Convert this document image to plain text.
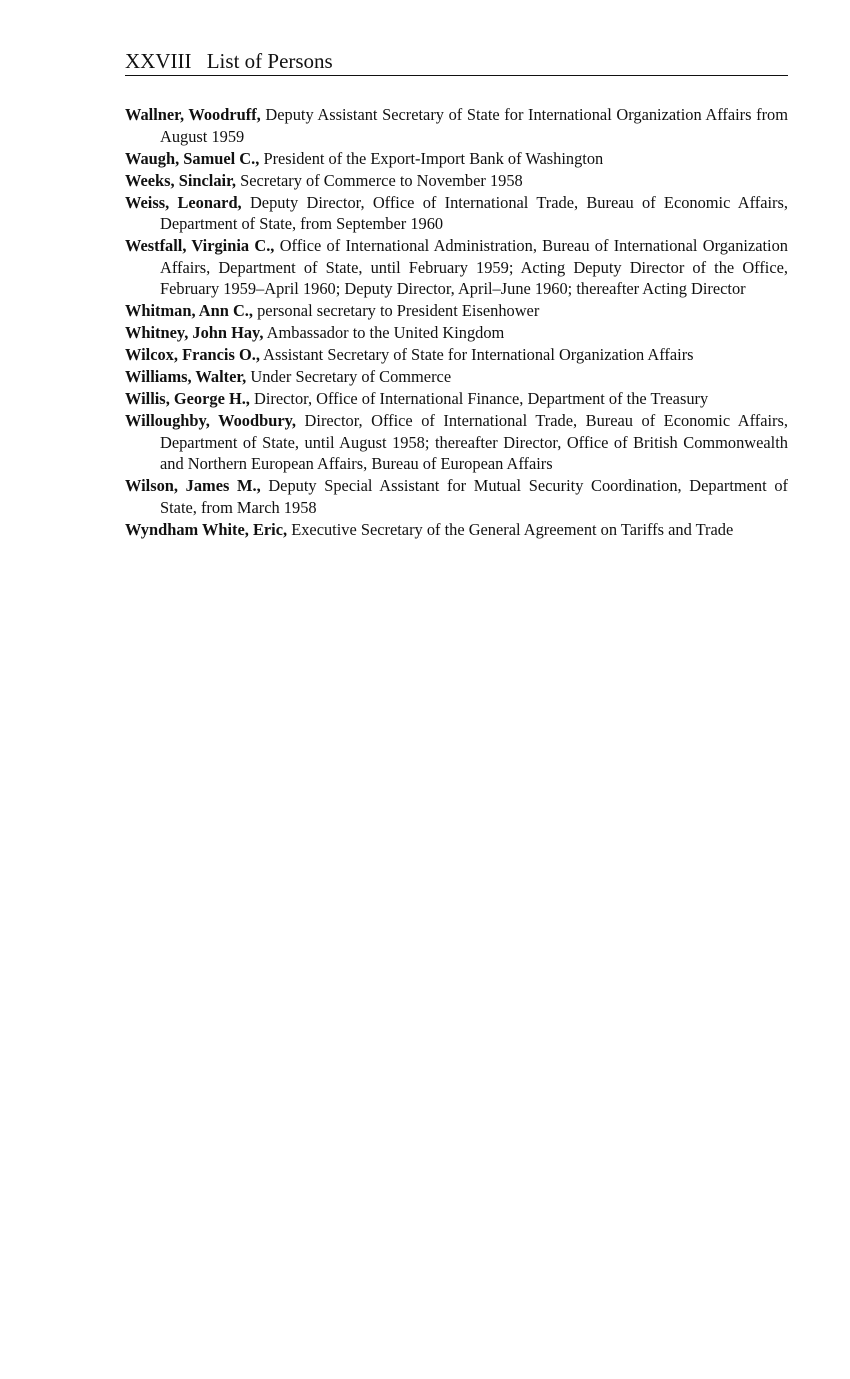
XXVIII List of Persons

Wallner, Woodruff, Deputy Assistant Secretary of State for International Organization Affairs from August 1959

Waugh, Samuel C., President of the Export-Import Bank of Washington

Weeks, Sinclair, Secretary of Commerce to November 1958

Weiss, Leonard, Deputy Director, Office of International Trade, Bureau of Economic Affairs, Department of State, from September 1960

Westfall, Virginia C., Office of International Administration, Bureau of International Organization Affairs, Department of State, until February 1959; Acting Deputy Director of the Office, February 1959–April 1960; Deputy Director, April–June 1960; thereafter Acting Director

Whitman, Ann C., personal secretary to President Eisenhower

Whitney, John Hay, Ambassador to the United Kingdom

Wilcox, Francis O., Assistant Secretary of State for International Organization Affairs

Williams, Walter, Under Secretary of Commerce

Willis, George H., Director, Office of International Finance, Department of the Treasury

Willoughby, Woodbury, Director, Office of International Trade, Bureau of Economic Affairs, Department of State, until August 1958; thereafter Director, Office of British Commonwealth and Northern European Affairs, Bureau of European Affairs

Wilson, James M., Deputy Special Assistant for Mutual Security Coordination, Department of State, from March 1958

Wyndham White, Eric, Executive Secretary of the General Agreement on Tariffs and Trade
